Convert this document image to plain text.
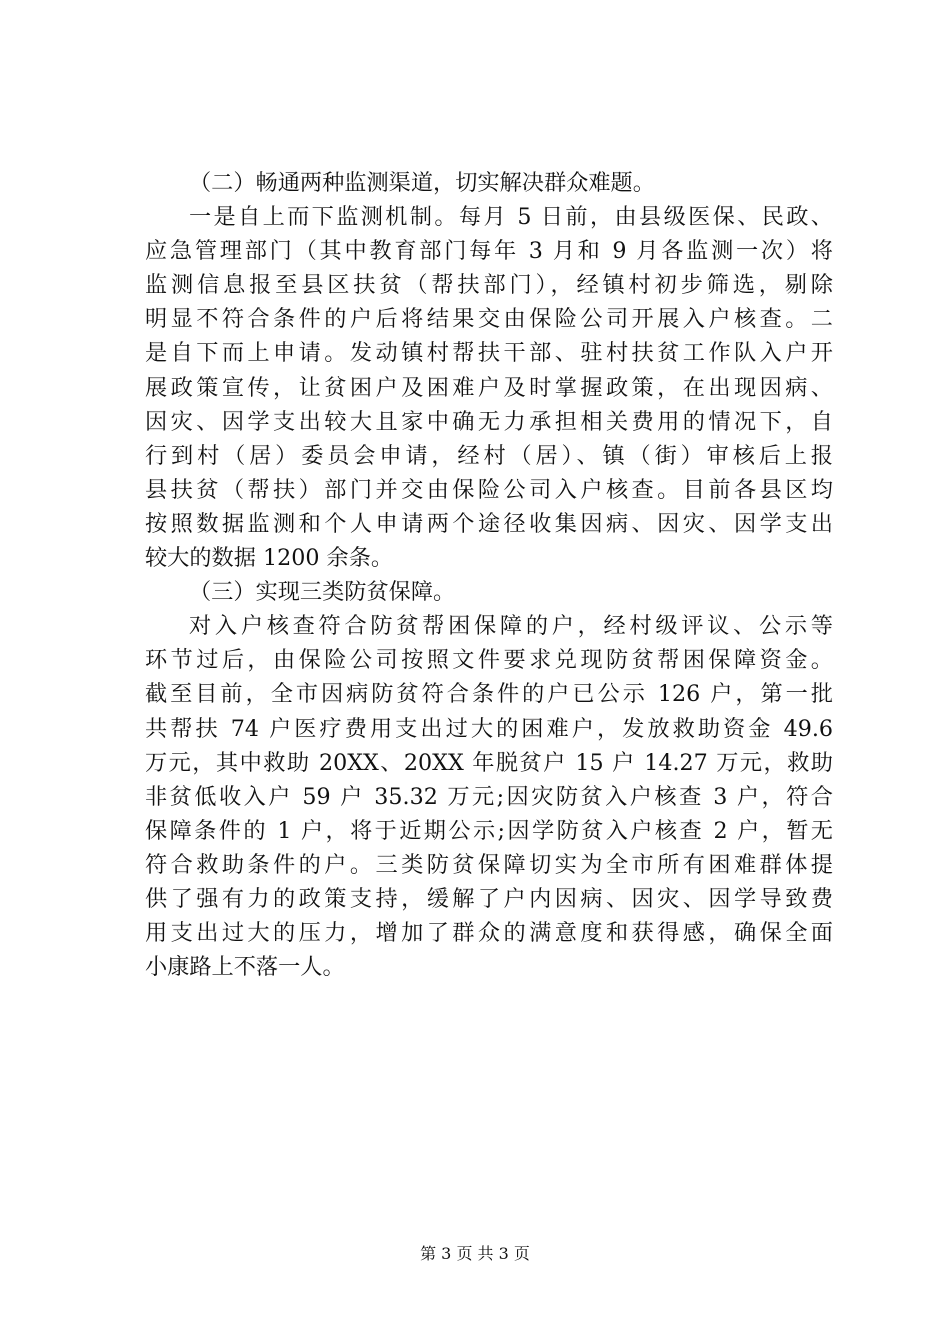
（二）畅通两种监测渠道，切实解决群众难题。
一是自上而下监测机制。每月 5 日前，由县级医保、民政、
应急管理部门（其中教育部门每年 3 月和 9 月各监测一次）将
监测信息报至县区扶贫（帮扶部门），经镇村初步筛选，剔除
明显不符合条件的户后将结果交由保险公司开展入户核查。二
是自下而上申请。发动镇村帮扶干部、驻村扶贫工作队入户开
展政策宣传，让贫困户及困难户及时掌握政策，在出现因病、
因灾、因学支出较大且家中确无力承担相关费用的情况下，自
行到村（居）委员会申请，经村（居）、镇（街）审核后上报
县扶贫（帮扶）部门并交由保险公司入户核查。目前各县区均
按照数据监测和个人申请两个途径收集因病、因灾、因学支出
较大的数据 1200 余条。
（三）实现三类防贫保障。
对入户核查符合防贫帮困保障的户，经村级评议、公示等
环节过后，由保险公司按照文件要求兑现防贫帮困保障资金。
截至目前，全市因病防贫符合条件的户已公示 126 户，第一批
共帮扶 74 户医疗费用支出过大的困难户，发放救助资金 49.6
万元，其中救助 20XX、20XX 年脱贫户 15 户 14.27 万元，救助
非贫低收入户 59 户 35.32 万元;因灾防贫入户核查 3 户，符合
保障条件的 1 户，将于近期公示;因学防贫入户核查 2 户，暂无
符合救助条件的户。三类防贫保障切实为全市所有困难群体提
供了强有力的政策支持，缓解了户内因病、因灾、因学导致费
用支出过大的压力，增加了群众的满意度和获得感，确保全面
小康路上不落一人。
第 3 页 共 3 页
